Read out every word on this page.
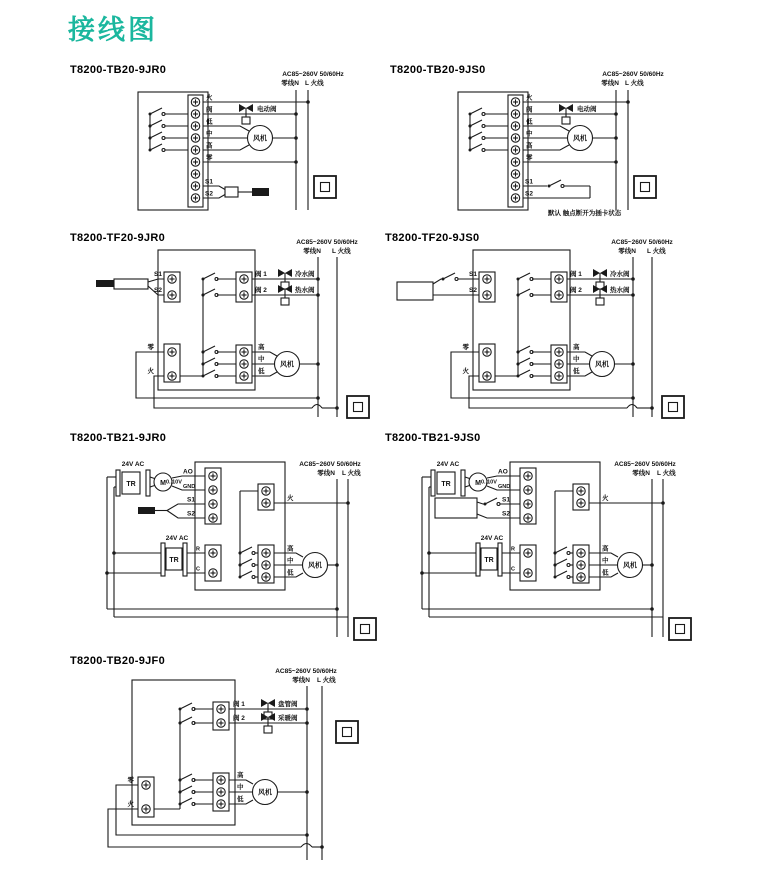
接线图
T8200-TB20-9JR0	AC85~260V 50/60Hz
零线N L 火线
火
阀
低
中
高
零
S1
S2
电动阀
风机
T8200-TB20-9JS0	AC85~260V 50/60Hz
零线N L 火线
火
阀
低
中
高
零
S1
S2
电动阀
风机
默认 触点断开为插卡状态
T8200-TF20-9JR0	AC85~260V 50/60Hz
零线N L 火线
S1
S2
阀 1	冷水阀
阀 2	热水阀
高
中
低
风机
零
火
T8200-TF20-9JS0	AC85~260V 50/60Hz
零线N L 火线
S1
S2
阀 1	冷水阀
阀 2	热水阀
高
中
低
风机
零
火
T8200-TB21-9JR0
AC85~260V 50/60Hz
零线N L 火线
24V AC
TR	M
AO
0..10V
GND
S1
S2
24V AC
TR
R
C
火
高
中
低
风机
T8200-TB21-9JS0
AC85~260V 50/60Hz
零线N L 火线
24V AC
TR	M
AO
0..10V
GND
S1
S2
24V AC
TR
R
C
火
高
中
低
风机
T8200-TB20-9JF0
AC85~260V 50/60Hz
零线N L 火线
阀 1	盘管阀
阀 2	采暖阀
高
中
低
风机
零
火
